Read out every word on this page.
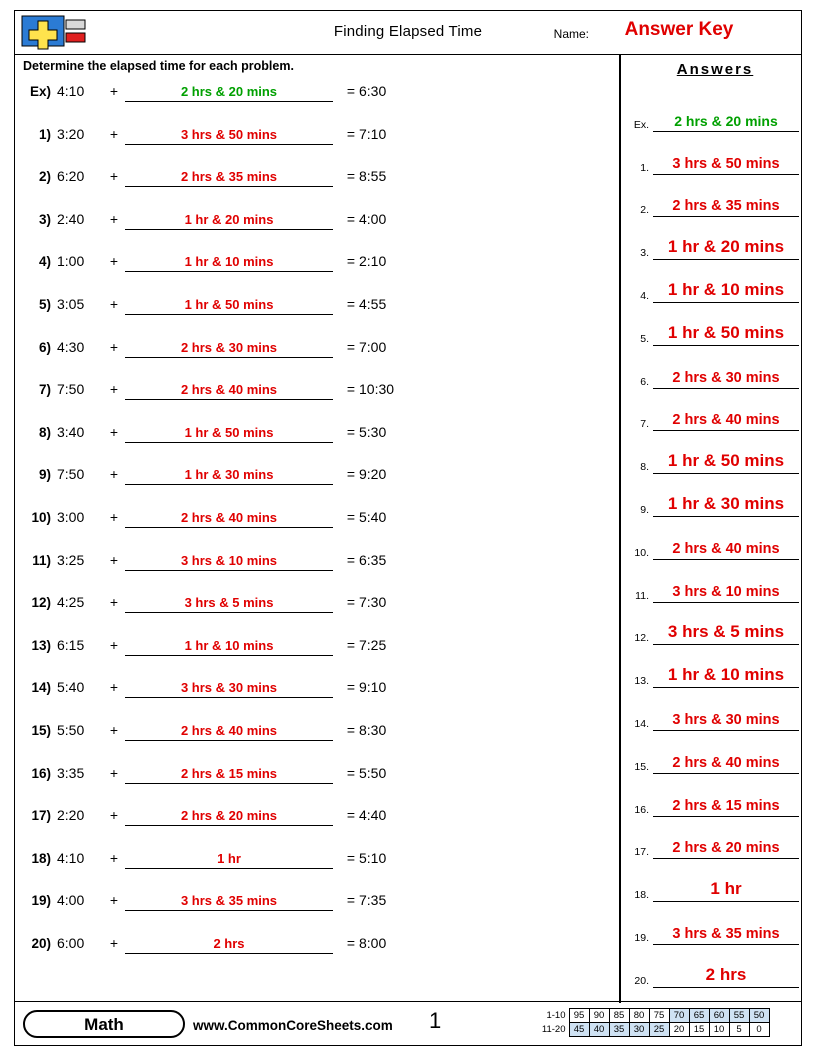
Finding Elapsed Time	Name:	Answer Key
Determine the elapsed time for each problem.
Ex) 4:10	+	2 hrs & 20 mins	= 6:30
1) 3:20	+	3 hrs & 50 mins	= 7:10
2) 6:20	+	2 hrs & 35 mins	= 8:55
3) 2:40	+	1 hr & 20 mins	= 4:00
4) 1:00	+	1 hr & 10 mins	= 2:10
5) 3:05	+	1 hr & 50 mins	= 4:55
6) 4:30	+	2 hrs & 30 mins	= 7:00
7) 7:50	+	2 hrs & 40 mins	= 10:30
8) 3:40	+	1 hr & 50 mins	= 5:30
9) 7:50	+	1 hr & 30 mins	= 9:20
10) 3:00	+	2 hrs & 40 mins	= 5:40
11) 3:25	+	3 hrs & 10 mins	= 6:35
12) 4:25	+	3 hrs & 5 mins	= 7:30
13) 6:15	+	1 hr & 10 mins	= 7:25
14) 5:40	+	3 hrs & 30 mins	= 9:10
15) 5:50	+	2 hrs & 40 mins	= 8:30
16) 3:35	+	2 hrs & 15 mins	= 5:50
17) 2:20	+	2 hrs & 20 mins	= 4:40
18) 4:10	+	1 hr	= 5:10
19) 4:00	+	3 hrs & 35 mins	= 7:35
20) 6:00	+	2 hrs	= 8:00
Answers
Ex.	2 hrs & 20 mins
1.	3 hrs & 50 mins
2.	2 hrs & 35 mins
3.	1 hr & 20 mins
4.	1 hr & 10 mins
5.	1 hr & 50 mins
6.	2 hrs & 30 mins
7.	2 hrs & 40 mins
8.	1 hr & 50 mins
9.	1 hr & 30 mins
10.	2 hrs & 40 mins
11.	3 hrs & 10 mins
12.	3 hrs & 5 mins
13.	1 hr & 10 mins
14.	3 hrs & 30 mins
15.	2 hrs & 40 mins
16.	2 hrs & 15 mins
17.	2 hrs & 20 mins
18.	1 hr
19.	3 hrs & 35 mins
20.	2 hrs
Math	www.CommonCoreSheets.com 1	1-10	95	90	85	80	75	70	65	60	55	50
11-20	45	40	35	30	25	20	15	10	5	0
